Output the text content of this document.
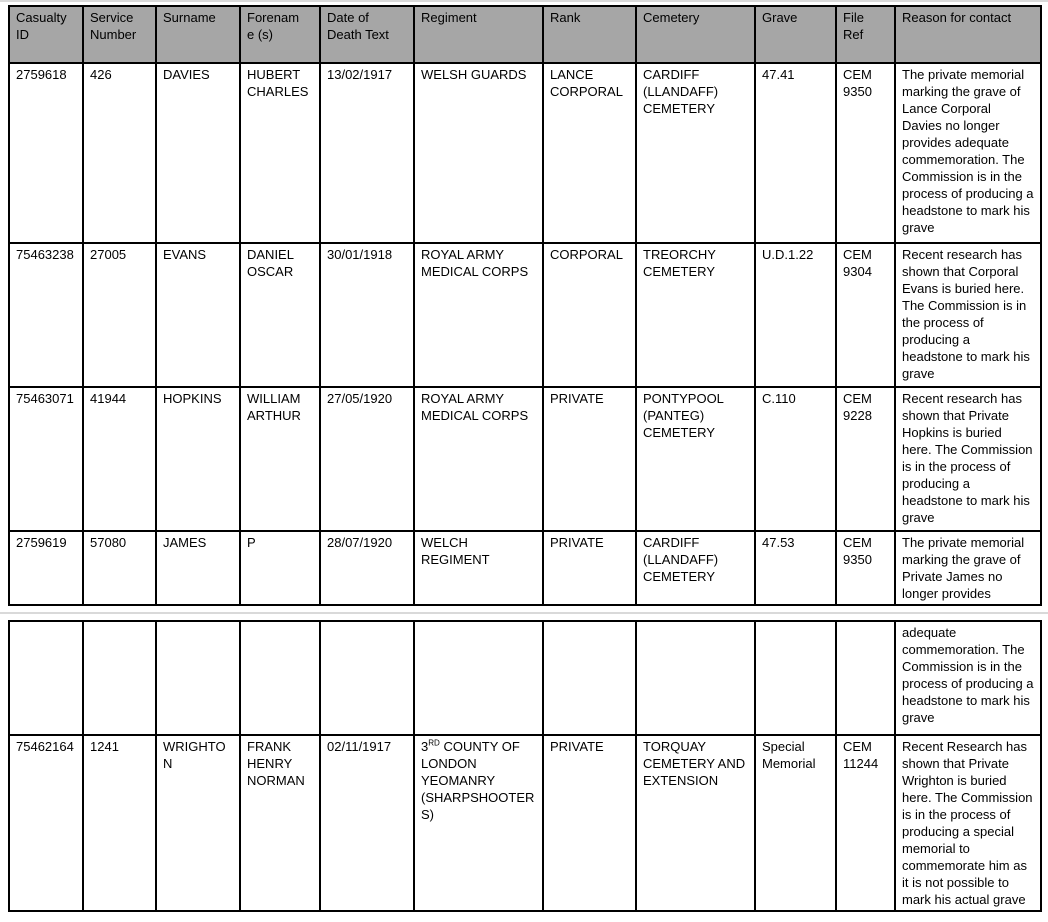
Casualty ID	Service Number	Surname	Forename (s)	Date of Death Text	Regiment	Rank	Cemetery	Grave	File Ref	Reason for contact
2759618	426	DAVIES	HUBERT CHARLES	13/02/1917	WELSH GUARDS	LANCE CORPORAL	CARDIFF (LLANDAFF) CEMETERY	47.41	CEM 9350	The private memorial marking the grave of Lance Corporal Davies no longer provides adequate commemoration. The Commission is in the process of producing a headstone to mark his grave
75463238	27005	EVANS	DANIEL OSCAR	30/01/1918	ROYAL ARMY MEDICAL CORPS	CORPORAL	TREORCHY CEMETERY	U.D.1.22	CEM 9304	Recent research has shown that Corporal Evans is buried here. The Commission is in the process of producing a headstone to mark his grave
75463071	41944	HOPKINS	WILLIAM ARTHUR	27/05/1920	ROYAL ARMY MEDICAL CORPS	PRIVATE	PONTYPOOL (PANTEG) CEMETERY	C.110	CEM 9228	Recent research has shown that Private Hopkins is buried here. The Commission is in the process of producing a headstone to mark his grave
2759619	57080	JAMES	P	28/07/1920	WELCH REGIMENT	PRIVATE	CARDIFF (LLANDAFF) CEMETERY	47.53	CEM 9350	The private memorial marking the grave of Private James no longer provides
										adequate commemoration. The Commission is in the process of producing a headstone to mark his grave
75462164	1241	WRIGHTON	FRANK HENRY NORMAN	02/11/1917	3RD COUNTY OF LONDON YEOMANRY (SHARPSHOOTERS)	PRIVATE	TORQUAY CEMETERY AND EXTENSION	Special Memorial	CEM 11244	Recent Research has shown that Private Wrighton is buried here. The Commission is in the process of producing a special memorial to commemorate him as it is not possible to mark his actual grave
